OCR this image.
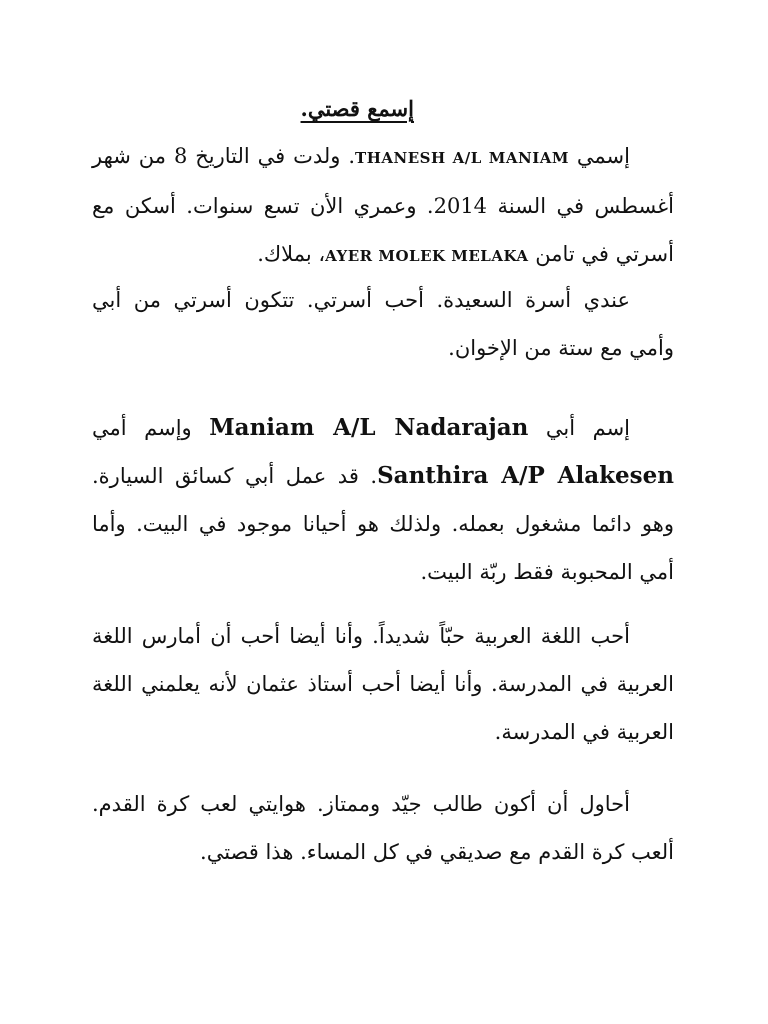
إسمع قصتي.

إسمي THANESH A/L MANIAM. ولدت في التاريخ 8 من شهر أغسطس في السنة 2014. وعمري الأن تسع سنوات. أسكن مع أسرتي في تامن AYER MOLEK MELAKA، بملاك.

عندي أسرة السعيدة. أحب أسرتي. تتكون أسرتي من أبي وأمي مع ستة من الإخوان.

إسم أبي Maniam A/L Nadarajan وإسم أمي Santhira A/P Alakesen. قد عمل أبي كسائق السيارة. وهو دائما مشغول بعمله. ولذلك هو أحيانا موجود في البيت. وأما أمي المحبوبة فقط ربّة البيت.

أحب اللغة العربية حبّاً شديداً. وأنا أيضا أحب أن أمارس اللغة العربية في المدرسة. وأنا أيضا أحب أستاذ عثمان لأنه يعلمني اللغة العربية في المدرسة.

أحاول أن أكون طالب جيّد وممتاز. هوايتي لعب كرة القدم. ألعب كرة القدم مع صديقي في كل المساء. هذا قصتي.
